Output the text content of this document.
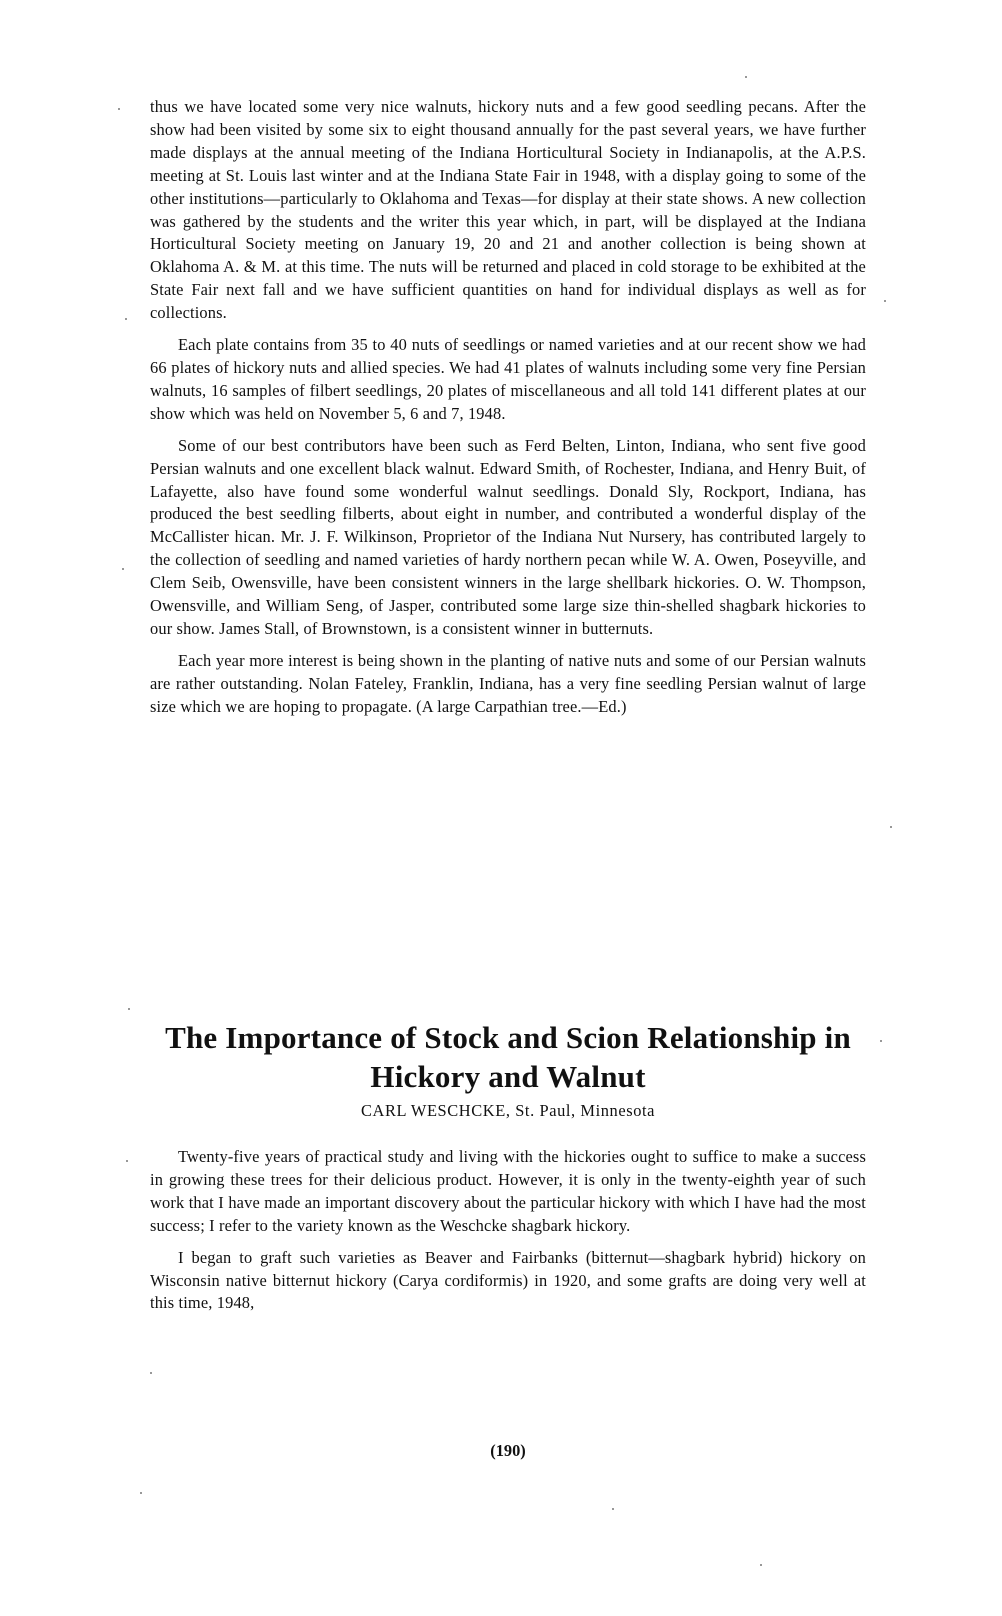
thus we have located some very nice walnuts, hickory nuts and a few good seedling pecans. After the show had been visited by some six to eight thousand annually for the past several years, we have further made displays at the annual meeting of the Indiana Horticultural Society in Indianapolis, at the A.P.S. meeting at St. Louis last winter and at the Indiana State Fair in 1948, with a display going to some of the other institutions—particularly to Oklahoma and Texas—for display at their state shows. A new collection was gathered by the students and the writer this year which, in part, will be displayed at the Indiana Horticultural Society meeting on January 19, 20 and 21 and another collection is being shown at Oklahoma A. & M. at this time. The nuts will be returned and placed in cold storage to be exhibited at the State Fair next fall and we have sufficient quantities on hand for individual displays as well as for collections.

Each plate contains from 35 to 40 nuts of seedlings or named varieties and at our recent show we had 66 plates of hickory nuts and allied species. We had 41 plates of walnuts including some very fine Persian walnuts, 16 samples of filbert seedlings, 20 plates of miscellaneous and all told 141 different plates at our show which was held on November 5, 6 and 7, 1948.

Some of our best contributors have been such as Ferd Belten, Linton, Indiana, who sent five good Persian walnuts and one excellent black walnut. Edward Smith, of Rochester, Indiana, and Henry Buit, of Lafayette, also have found some wonderful walnut seedlings. Donald Sly, Rockport, Indiana, has produced the best seedling filberts, about eight in number, and contributed a wonderful display of the McCallister hican. Mr. J. F. Wilkinson, Proprietor of the Indiana Nut Nursery, has contributed largely to the collection of seedling and named varieties of hardy northern pecan while W. A. Owen, Poseyville, and Clem Seib, Owensville, have been consistent winners in the large shellbark hickories. O. W. Thompson, Owensville, and William Seng, of Jasper, contributed some large size thin-shelled shagbark hickories to our show. James Stall, of Brownstown, is a consistent winner in butternuts.

Each year more interest is being shown in the planting of native nuts and some of our Persian walnuts are rather outstanding. Nolan Fateley, Franklin, Indiana, has a very fine seedling Persian walnut of large size which we are hoping to propagate. (A large Carpathian tree.—Ed.)

The Importance of Stock and Scion Relationship in Hickory and Walnut

CARL WESCHCKE, St. Paul, Minnesota

Twenty-five years of practical study and living with the hickories ought to suffice to make a success in growing these trees for their delicious product. However, it is only in the twenty-eighth year of such work that I have made an important discovery about the particular hickory with which I have had the most success; I refer to the variety known as the Weschcke shagbark hickory.

I began to graft such varieties as Beaver and Fairbanks (bitternut—shagbark hybrid) hickory on Wisconsin native bitternut hickory (Carya cordiformis) in 1920, and some grafts are doing very well at this time, 1948,

(190)
